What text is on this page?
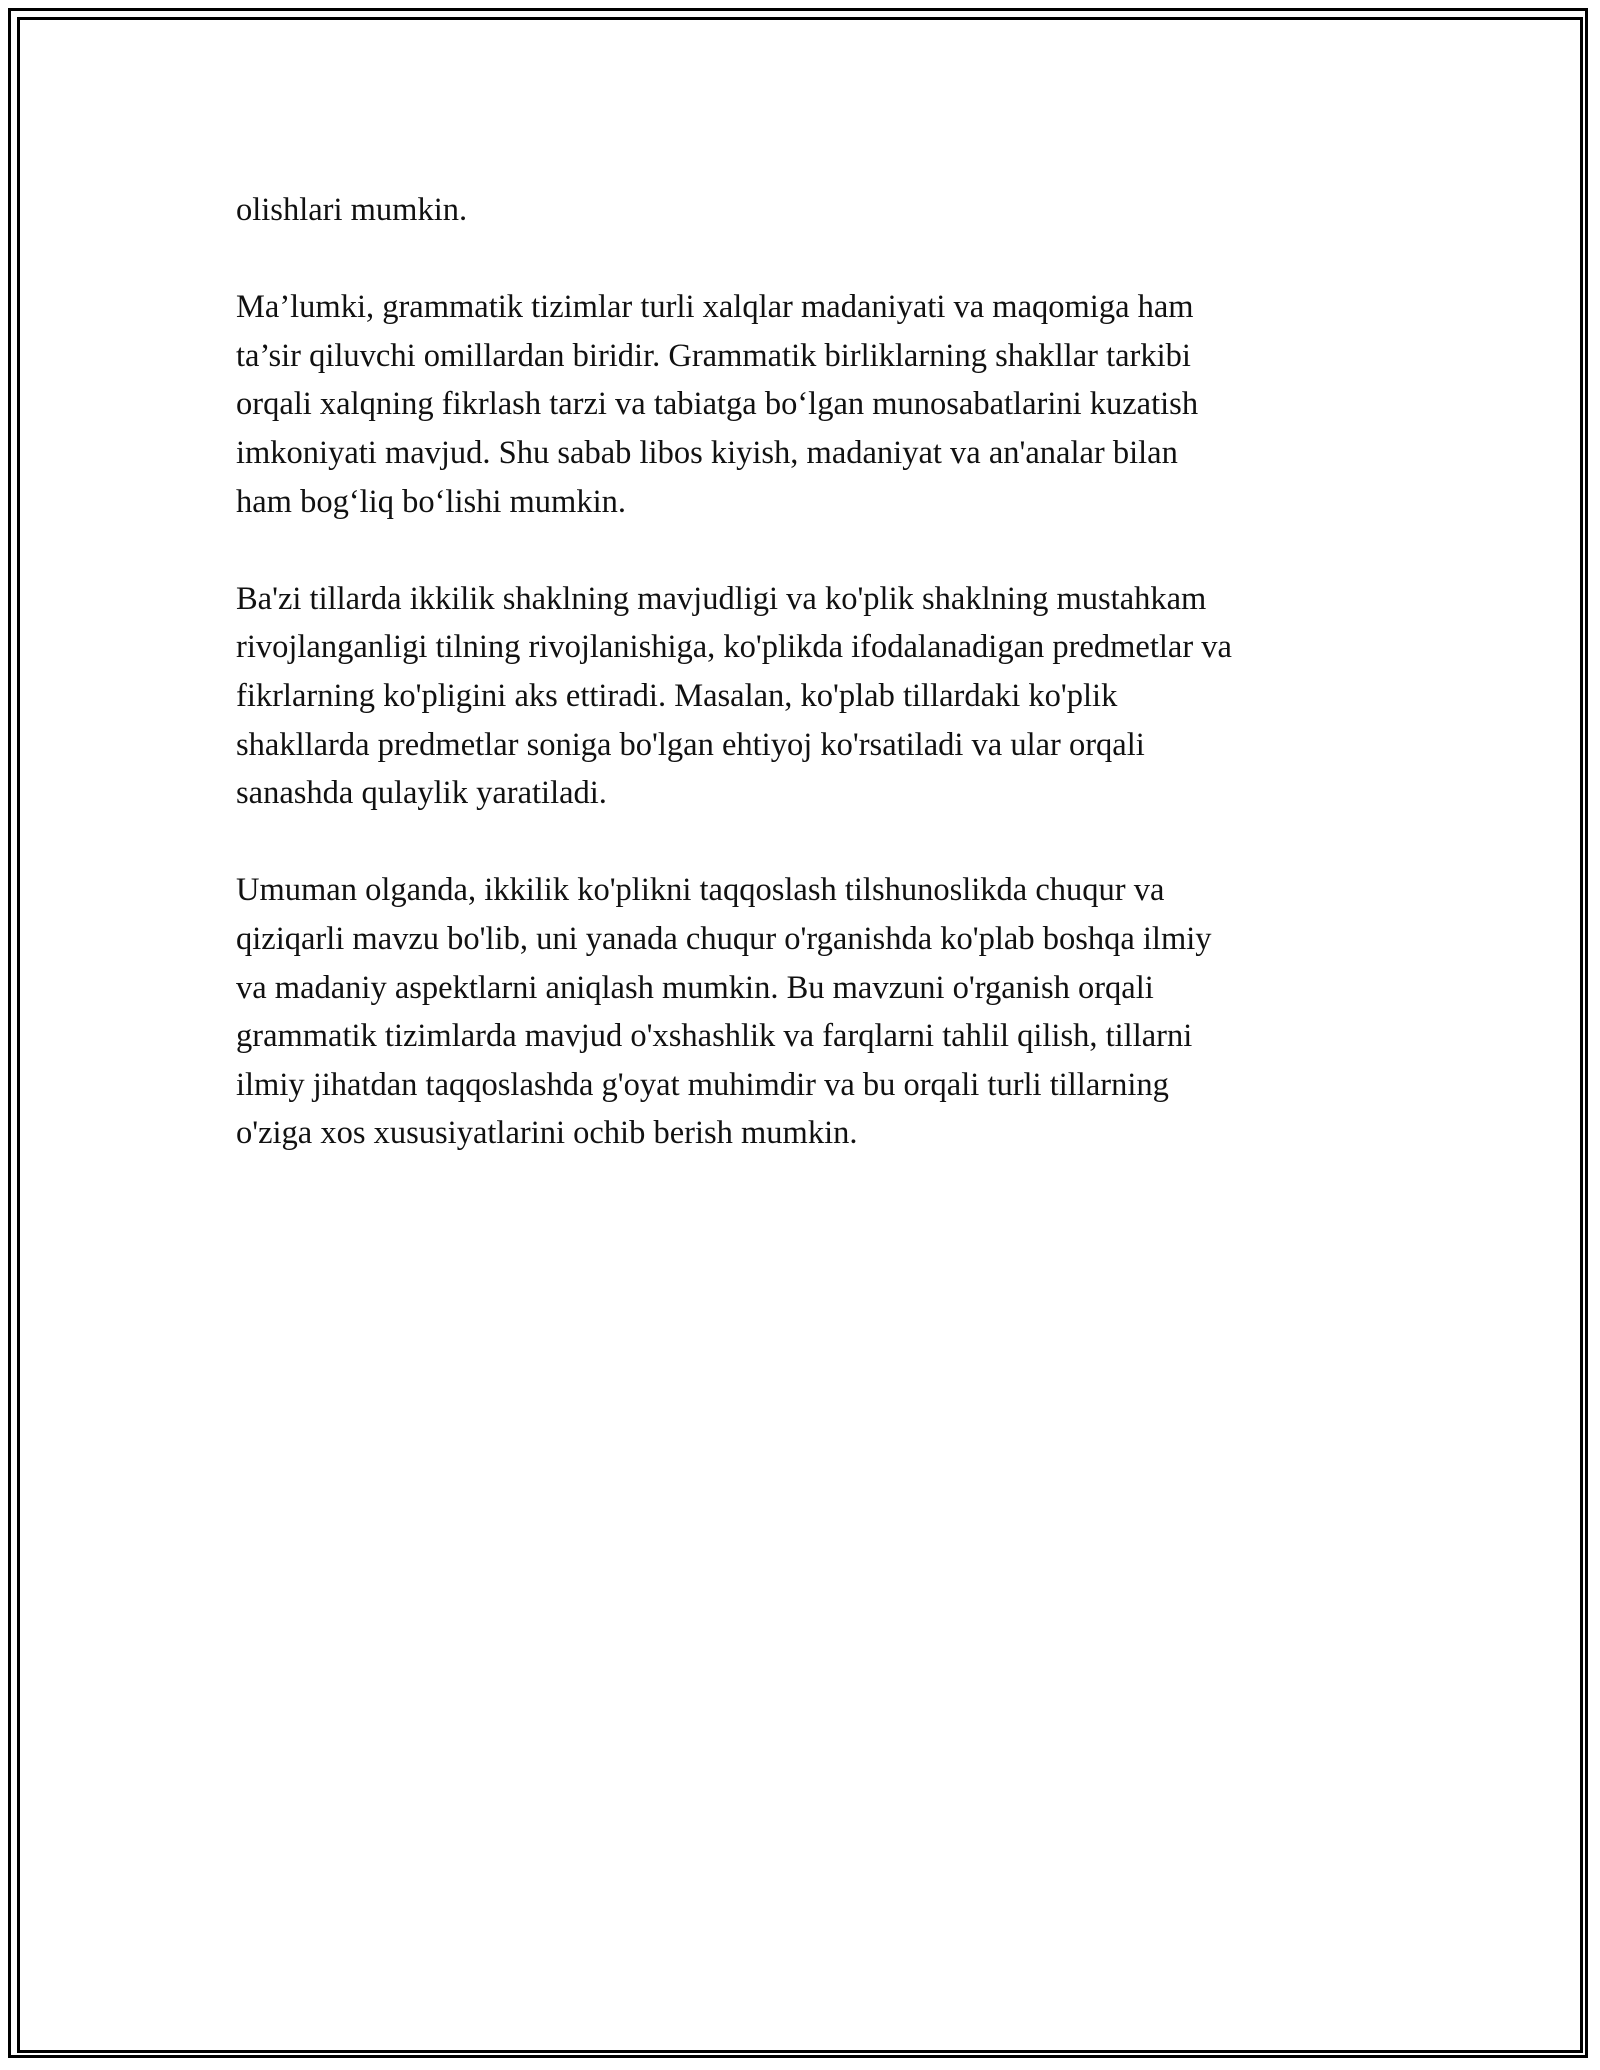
olishlari mumkin.

Ma’lumki, grammatik tizimlar turli xalqlar madaniyati va maqomiga ham
ta’sir qiluvchi omillardan biridir. Grammatik birliklarning shakllar tarkibi
orqali xalqning fikrlash tarzi va tabiatga bo‘lgan munosabatlarini kuzatish
imkoniyati mavjud. Shu sabab libos kiyish, madaniyat va an'analar bilan
ham bog‘liq bo‘lishi mumkin.

Ba'zi tillarda ikkilik shaklning mavjudligi va ko'plik shaklning mustahkam
rivojlanganligi tilning rivojlanishiga, ko'plikda ifodalanadigan predmetlar va
fikrlarning ko'pligini aks ettiradi. Masalan, ko'plab tillardaki ko'plik
shakllarda predmetlar soniga bo'lgan ehtiyoj ko'rsatiladi va ular orqali
sanashda qulaylik yaratiladi.

Umuman olganda, ikkilik ko'plikni taqqoslash tilshunoslikda chuqur va
qiziqarli mavzu bo'lib, uni yanada chuqur o'rganishda ko'plab boshqa ilmiy
va madaniy aspektlarni aniqlash mumkin. Bu mavzuni o'rganish orqali
grammatik tizimlarda mavjud o'xshashlik va farqlarni tahlil qilish, tillarni
ilmiy jihatdan taqqoslashda g'oyat muhimdir va bu orqali turli tillarning
o'ziga xos xususiyatlarini ochib berish mumkin.
